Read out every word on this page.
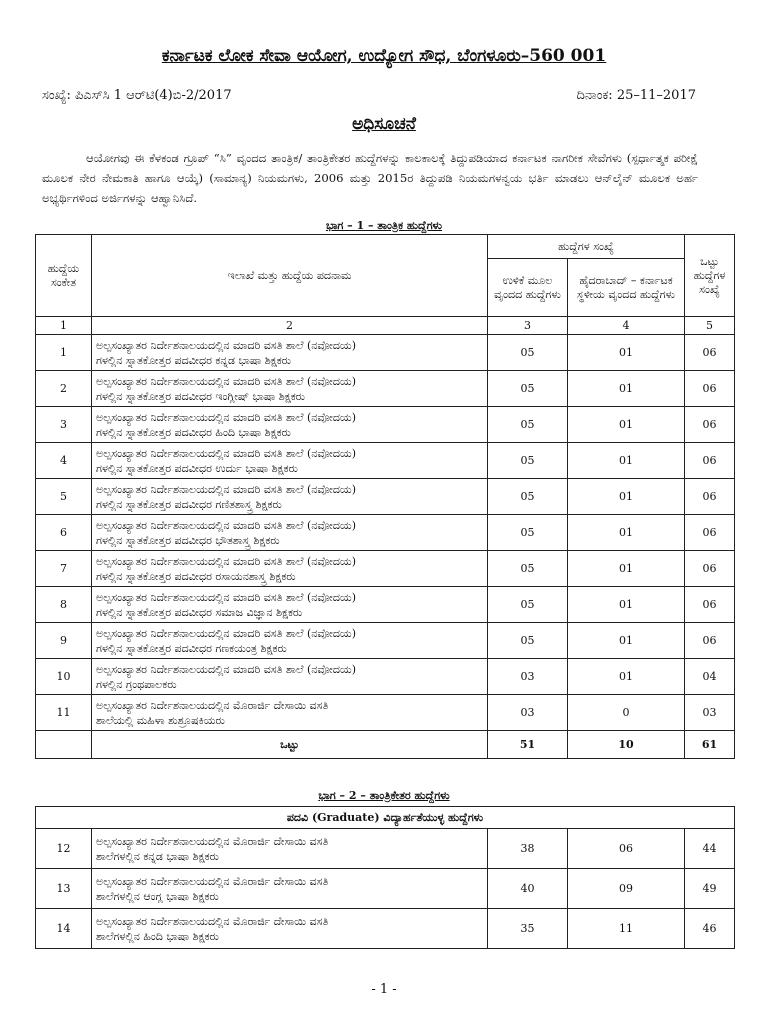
ಕರ್ನಾಟಕ ಲೋಕ ಸೇವಾ ಆಯೋಗ, ಉದ್ಯೋಗ ಸೌಧ, ಬೆಂಗಳೂರು–560 001
ಸಂಖ್ಯೆ: ಪಿಎಸ್‌ಸಿ 1 ಆರ್‌ಟಿ(4)ಬಿ-2/2017	ದಿನಾಂಕ: 25–11–2017
ಅಧಿಸೂಚನೆ
ಆಯೋಗವು ಈ ಕೆಳಕಂಡ ಗ್ರೂಪ್ “ಸಿ” ವೃಂದದ ತಾಂತ್ರಿಕ/ ತಾಂತ್ರಿಕೇತರ ಹುದ್ದೆಗಳನ್ನು ಕಾಲಕಾಲಕ್ಕೆ ತಿದ್ದುಪಡಿಯಾದ ಕರ್ನಾಟಕ ನಾಗರೀಕ ಸೇವೆಗಳು (ಸ್ಪರ್ಧಾತ್ಮಕ ಪರೀಕ್ಷೆ ಮೂಲಕ ನೇರ ನೇಮಕಾತಿ ಹಾಗೂ ಆಯ್ಕೆ) (ಸಾಮಾನ್ಯ) ನಿಯಮಗಳು, 2006 ಮತ್ತು 2015ರ ತಿದ್ದುಪಡಿ ನಿಯಮಗಳನ್ವಯ ಭರ್ತಿ ಮಾಡಲು ಆನ್‌ಲೈನ್ ಮೂಲಕ ಅರ್ಹ ಅಭ್ಯರ್ಥಿಗಳಿಂದ ಅರ್ಜಿಗಳನ್ನು ಆಹ್ವಾನಿಸಿದೆ.
ಭಾಗ – 1 – ತಾಂತ್ರಿಕ ಹುದ್ದೆಗಳು
ಹುದ್ದೆಯ ಸಂಕೇತ	ಇಲಾಖೆ ಮತ್ತು ಹುದ್ದೆಯ ಪದನಾಮ	ಹುದ್ದೆಗಳ ಸಂಖ್ಯೆ		ಒಟ್ಟು ಹುದ್ದೆಗಳ ಸಂಖ್ಯೆ
		ಉಳಿಕೆ ಮೂಲ ವೃಂದದ ಹುದ್ದೆಗಳು	ಹೈದರಾಬಾದ್ – ಕರ್ನಾಟಕ ಸ್ಥಳೀಯ ವೃಂದದ ಹುದ್ದೆಗಳು	
1	2	3	4	5
1	ಅಲ್ಪಸಂಖ್ಯಾತರ ನಿರ್ದೇಶನಾಲಯದಲ್ಲಿನ ಮಾದರಿ ವಸತಿ ಶಾಲೆ (ನವೋದಯ)
ಗಳಲ್ಲಿನ ಸ್ನಾತಕೋತ್ತರ ಪದವೀಧರ ಕನ್ನಡ ಭಾಷಾ ಶಿಕ್ಷಕರು	05	01	06
2	ಅಲ್ಪಸಂಖ್ಯಾತರ ನಿರ್ದೇಶನಾಲಯದಲ್ಲಿನ ಮಾದರಿ ವಸತಿ ಶಾಲೆ (ನವೋದಯ)
ಗಳಲ್ಲಿನ ಸ್ನಾತಕೋತ್ತರ ಪದವೀಧರ ಇಂಗ್ಲೀಷ್ ಭಾಷಾ ಶಿಕ್ಷಕರು	05	01	06
3	ಅಲ್ಪಸಂಖ್ಯಾತರ ನಿರ್ದೇಶನಾಲಯದಲ್ಲಿನ ಮಾದರಿ ವಸತಿ ಶಾಲೆ (ನವೋದಯ)
ಗಳಲ್ಲಿನ ಸ್ನಾತಕೋತ್ತರ ಪದವೀಧರ ಹಿಂದಿ ಭಾಷಾ ಶಿಕ್ಷಕರು	05	01	06
4	ಅಲ್ಪಸಂಖ್ಯಾತರ ನಿರ್ದೇಶನಾಲಯದಲ್ಲಿನ ಮಾದರಿ ವಸತಿ ಶಾಲೆ (ನವೋದಯ)
ಗಳಲ್ಲಿನ ಸ್ನಾತಕೋತ್ತರ ಪದವೀಧರ ಉರ್ದು ಭಾಷಾ ಶಿಕ್ಷಕರು	05	01	06
5	ಅಲ್ಪಸಂಖ್ಯಾತರ ನಿರ್ದೇಶನಾಲಯದಲ್ಲಿನ ಮಾದರಿ ವಸತಿ ಶಾಲೆ (ನವೋದಯ)
ಗಳಲ್ಲಿನ ಸ್ನಾತಕೋತ್ತರ ಪದವೀಧರ ಗಣಿತಶಾಸ್ತ್ರ ಶಿಕ್ಷಕರು	05	01	06
6	ಅಲ್ಪಸಂಖ್ಯಾತರ ನಿರ್ದೇಶನಾಲಯದಲ್ಲಿನ ಮಾದರಿ ವಸತಿ ಶಾಲೆ (ನವೋದಯ)
ಗಳಲ್ಲಿನ ಸ್ನಾತಕೋತ್ತರ ಪದವೀಧರ ಭೌತಶಾಸ್ತ್ರ ಶಿಕ್ಷಕರು	05	01	06
7	ಅಲ್ಪಸಂಖ್ಯಾತರ ನಿರ್ದೇಶನಾಲಯದಲ್ಲಿನ ಮಾದರಿ ವಸತಿ ಶಾಲೆ (ನವೋದಯ)
ಗಳಲ್ಲಿನ ಸ್ನಾತಕೋತ್ತರ ಪದವೀಧರ ರಸಾಯನಶಾಸ್ತ್ರ ಶಿಕ್ಷಕರು	05	01	06
8	ಅಲ್ಪಸಂಖ್ಯಾತರ ನಿರ್ದೇಶನಾಲಯದಲ್ಲಿನ ಮಾದರಿ ವಸತಿ ಶಾಲೆ (ನವೋದಯ)
ಗಳಲ್ಲಿನ ಸ್ನಾತಕೋತ್ತರ ಪದವೀಧರ ಸಮಾಜ ವಿಜ್ಞಾನ ಶಿಕ್ಷಕರು	05	01	06
9	ಅಲ್ಪಸಂಖ್ಯಾತರ ನಿರ್ದೇಶನಾಲಯದಲ್ಲಿನ ಮಾದರಿ ವಸತಿ ಶಾಲೆ (ನವೋದಯ)
ಗಳಲ್ಲಿನ ಸ್ನಾತಕೋತ್ತರ ಪದವೀಧರ ಗಣಕಯಂತ್ರ ಶಿಕ್ಷಕರು	05	01	06
10	ಅಲ್ಪಸಂಖ್ಯಾತರ ನಿರ್ದೇಶನಾಲಯದಲ್ಲಿನ ಮಾದರಿ ವಸತಿ ಶಾಲೆ (ನವೋದಯ)
ಗಳಲ್ಲಿನ ಗ್ರಂಥಪಾಲಕರು	03	01	04
11	ಅಲ್ಪಸಂಖ್ಯಾತರ ನಿರ್ದೇಶನಾಲಯದಲ್ಲಿನ ಮೊರಾರ್ಜಿ ದೇಸಾಯಿ ವಸತಿ
ಶಾಲೆಯಲ್ಲಿ ಮಹಿಳಾ ಶುಶ್ರೂಷಕಿಯರು	03	0	03
	ಒಟ್ಟು	51	10	61
ಭಾಗ – 2 – ತಾಂತ್ರಿಕೇತರ ಹುದ್ದೆಗಳು
ಪದವಿ (Graduate) ವಿದ್ಯಾರ್ಹತೆಯುಳ್ಳ ಹುದ್ದೆಗಳು				
12	ಅಲ್ಪಸಂಖ್ಯಾತರ ನಿರ್ದೇಶನಾಲಯದಲ್ಲಿನ ಮೊರಾರ್ಜಿ ದೇಸಾಯಿ ವಸತಿ
ಶಾಲೆಗಳಲ್ಲಿನ ಕನ್ನಡ ಭಾಷಾ ಶಿಕ್ಷಕರು	38	06	44
13	ಅಲ್ಪಸಂಖ್ಯಾತರ ನಿರ್ದೇಶನಾಲಯದಲ್ಲಿನ ಮೊರಾರ್ಜಿ ದೇಸಾಯಿ ವಸತಿ
ಶಾಲೆಗಳಲ್ಲಿನ ಆಂಗ್ಲ ಭಾಷಾ ಶಿಕ್ಷಕರು	40	09	49
14	ಅಲ್ಪಸಂಖ್ಯಾತರ ನಿರ್ದೇಶನಾಲಯದಲ್ಲಿನ ಮೊರಾರ್ಜಿ ದೇಸಾಯಿ ವಸತಿ
ಶಾಲೆಗಳಲ್ಲಿನ ಹಿಂದಿ ಭಾಷಾ ಶಿಕ್ಷಕರು	35	11	46
- 1 -
